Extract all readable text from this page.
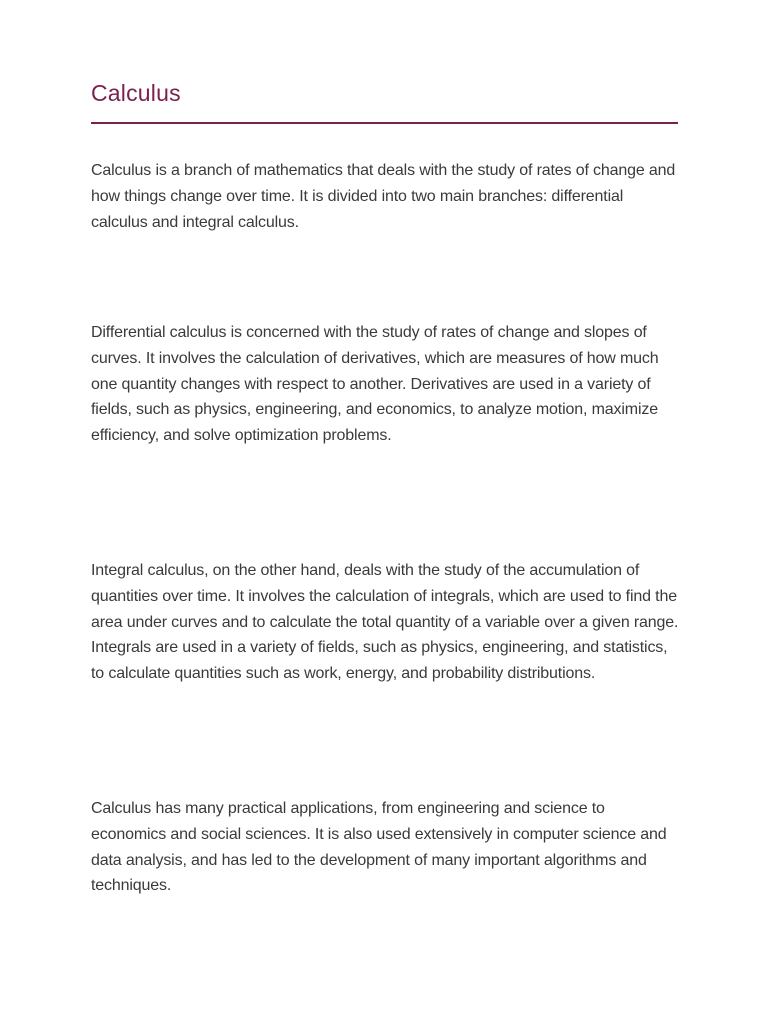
Calculus

Calculus is a branch of mathematics that deals with the study of rates of change and how things change over time. It is divided into two main branches: differential calculus and integral calculus.

Differential calculus is concerned with the study of rates of change and slopes of curves. It involves the calculation of derivatives, which are measures of how much one quantity changes with respect to another. Derivatives are used in a variety of fields, such as physics, engineering, and economics, to analyze motion, maximize efficiency, and solve optimization problems.

Integral calculus, on the other hand, deals with the study of the accumulation of quantities over time. It involves the calculation of integrals, which are used to find the area under curves and to calculate the total quantity of a variable over a given range. Integrals are used in a variety of fields, such as physics, engineering, and statistics, to calculate quantities such as work, energy, and probability distributions.

Calculus has many practical applications, from engineering and science to economics and social sciences. It is also used extensively in computer science and data analysis, and has led to the development of many important algorithms and techniques.
